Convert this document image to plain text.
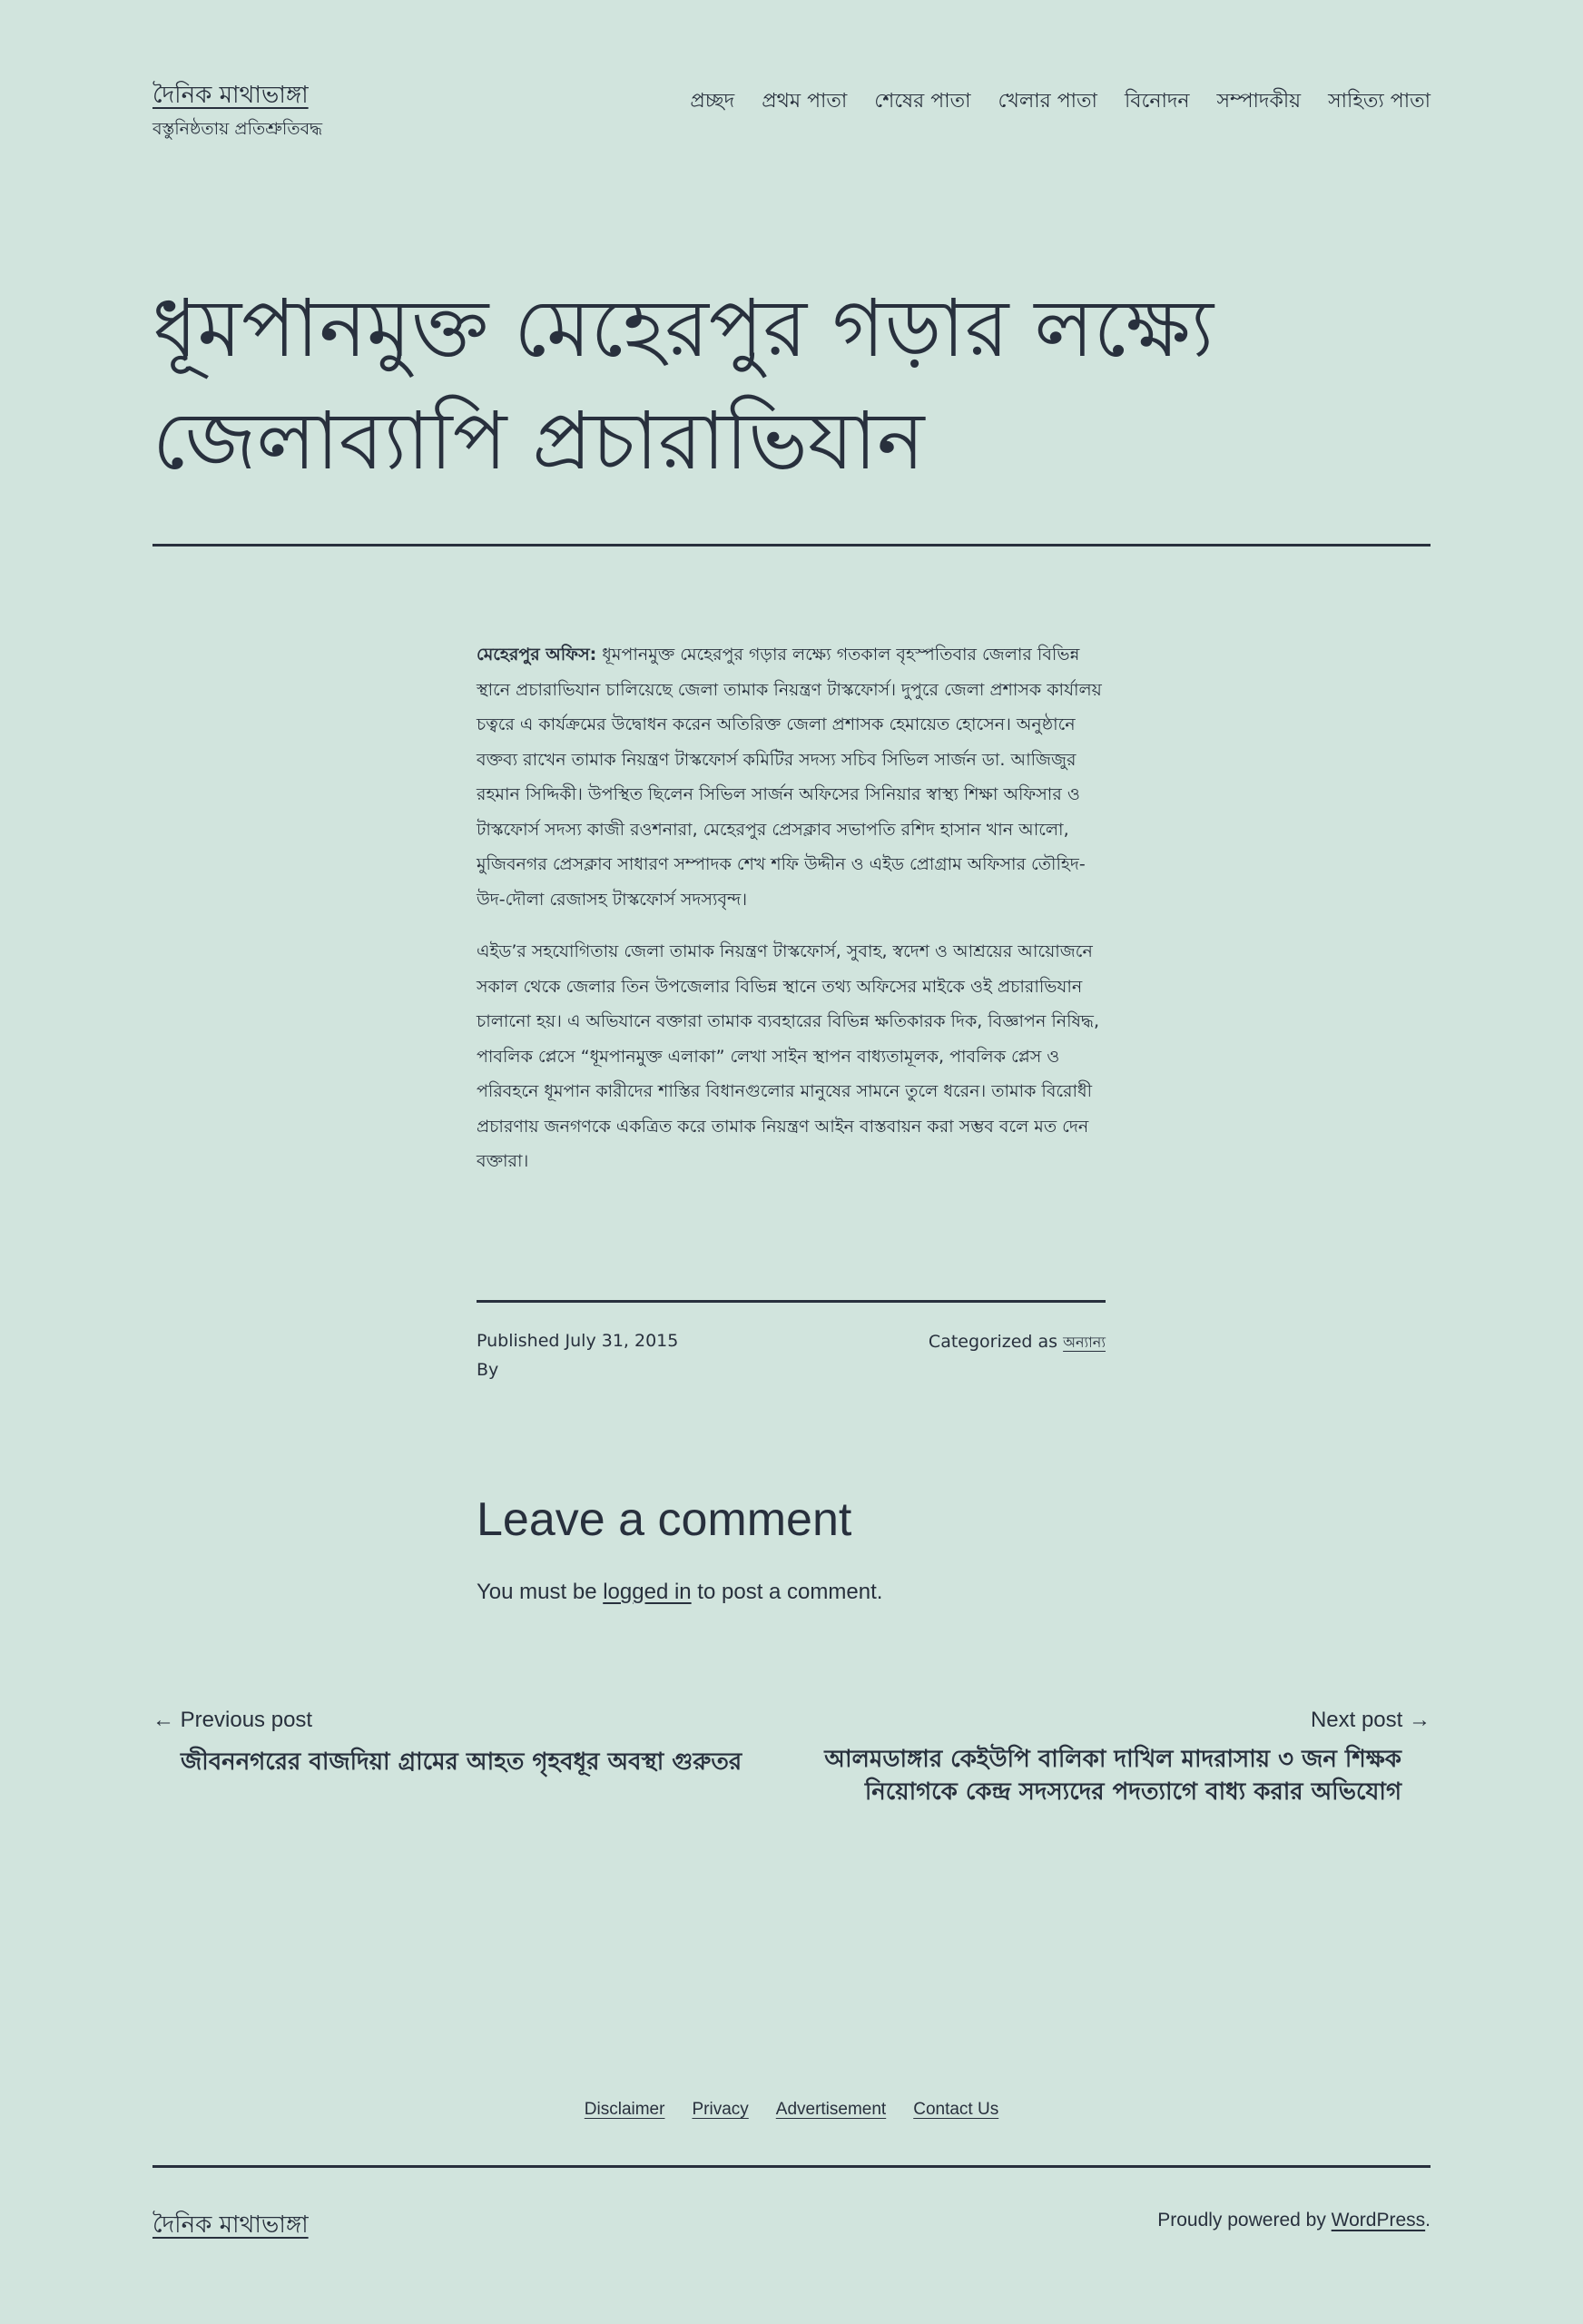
দৈনিক মাথাভাঙ্গা
বস্তুনিষ্ঠতায় প্রতিশ্রুতিবদ্ধ
প্রচ্ছদ প্রথম পাতা শেষের পাতা খেলার পাতা বিনোদন সম্পাদকীয় সাহিত্য পাতা
ধূমপানমুক্ত মেহেরপুর গড়ার লক্ষ্যে জেলাব্যাপি প্রচারাভিযান

মেহেরপুর অফিস: ধূমপানমুক্ত মেহেরপুর গড়ার লক্ষ্যে গতকাল বৃহস্পতিবার জেলার বিভিন্ন স্থানে প্রচারাভিযান চালিয়েছে জেলা তামাক নিয়ন্ত্রণ টাস্কফোর্স। দুপুরে জেলা প্রশাসক কার্যালয় চত্বরে এ কার্যক্রমের উদ্বোধন করেন অতিরিক্ত জেলা প্রশাসক হেমায়েত হোসেন। অনুষ্ঠানে বক্তব্য রাখেন তামাক নিয়ন্ত্রণ টাস্কফোর্স কমিটির সদস্য সচিব সিভিল সার্জন ডা. আজিজুর রহমান সিদ্দিকী। উপস্থিত ছিলেন সিভিল সার্জন অফিসের সিনিয়ার স্বাস্থ্য শিক্ষা অফিসার ও টাস্কফোর্স সদস্য কাজী রওশনারা, মেহেরপুর প্রেসক্লাব সভাপতি রশিদ হাসান খান আলো, মুজিবনগর প্রেসক্লাব সাধারণ সম্পাদক শেখ শফি উদ্দীন ও এইড প্রোগ্রাম অফিসার তৌহিদ-উদ-দৌলা রেজাসহ টাস্কফোর্স সদস্যবৃন্দ।

এইড’র সহযোগিতায় জেলা তামাক নিয়ন্ত্রণ টাস্কফোর্স, সুবাহ, স্বদেশ ও আশ্রয়ের আয়োজনে সকাল থেকে জেলার তিন উপজেলার বিভিন্ন স্থানে তথ্য অফিসের মাইকে ওই প্রচারাভিযান চালানো হয়। এ অভিযানে বক্তারা তামাক ব্যবহারের বিভিন্ন ক্ষতিকারক দিক, বিজ্ঞাপন নিষিদ্ধ, পাবলিক প্লেসে “ধূমপানমুক্ত এলাকা” লেখা সাইন স্থাপন বাধ্যতামূলক, পাবলিক প্লেস ও পরিবহনে ধূমপান কারীদের শাস্তির বিধানগুলোর মানুষের সামনে তুলে ধরেন। তামাক বিরোধী প্রচারণায় জনগণকে একত্রিত করে তামাক নিয়ন্ত্রণ আইন বাস্তবায়ন করা সম্ভব বলে মত দেন বক্তারা।

Published July 31, 2015
By
Categorized as অন্যান্য
Leave a comment
You must be logged in to post a comment.
← Previous post
জীবননগরের বাজদিয়া গ্রামের আহত গৃহবধূর অবস্থা গুরুতর
Next post →
আলমডাঙ্গার কেইউপি বালিকা দাখিল মাদরাসায় ৩ জন শিক্ষক নিয়োগকে কেন্দ্র সদস্যদের পদত্যাগে বাধ্য করার অভিযোগ
Disclaimer Privacy Advertisement Contact Us
দৈনিক মাথাভাঙ্গা	Proudly powered by WordPress.
